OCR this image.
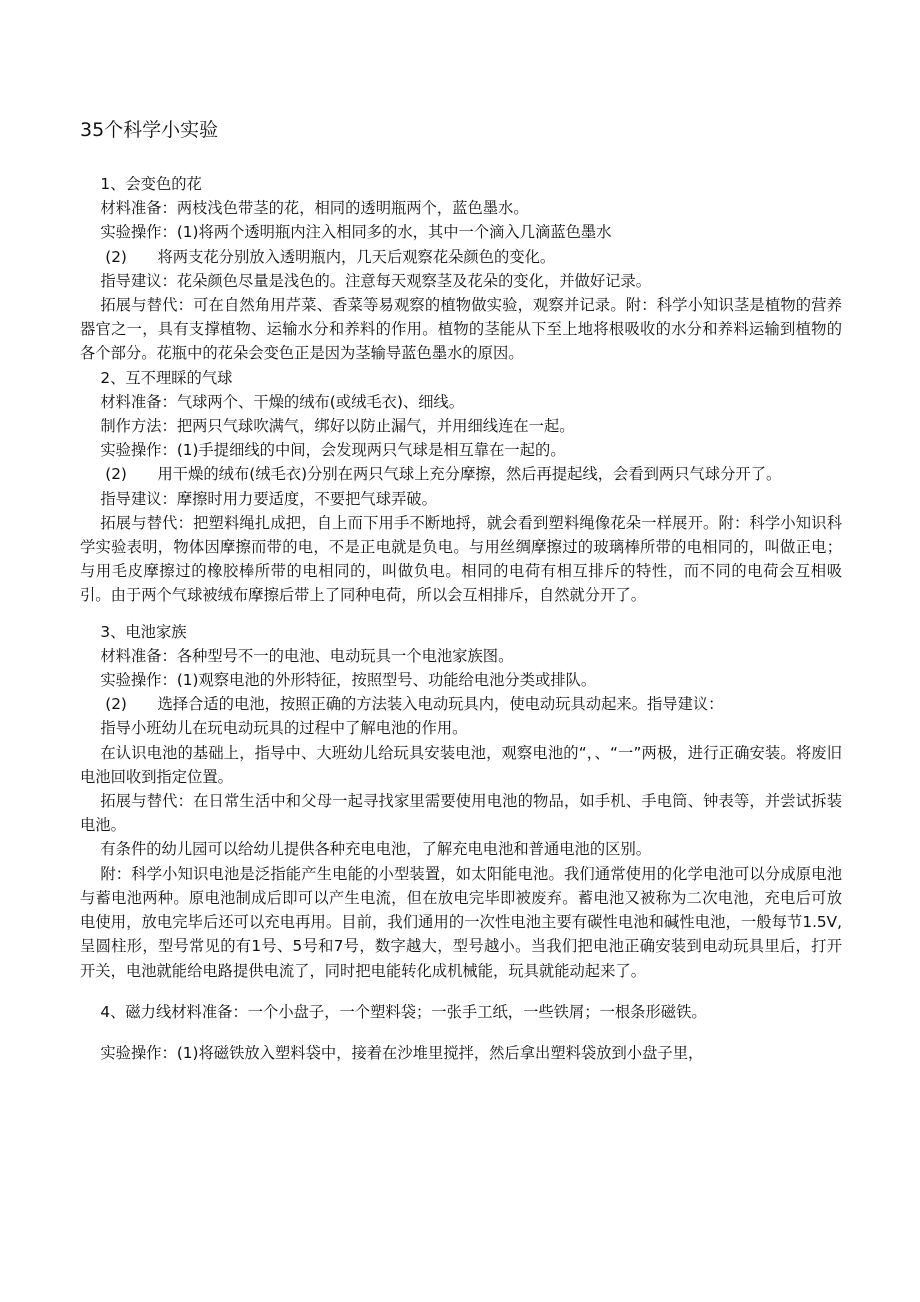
35个科学小实验

1、会变色的花

材料准备：两枝浅色带茎的花，相同的透明瓶两个，蓝色墨水。

实验操作：(1)将两个透明瓶内注入相同多的水，其中一个滴入几滴蓝色墨水

(2)　　将两支花分别放入透明瓶内，几天后观察花朵颜色的变化。

指导建议：花朵颜色尽量是浅色的。注意每天观察茎及花朵的变化，并做好记录。

拓展与替代：可在自然角用芹菜、香菜等易观察的植物做实验，观察并记录。附：科学小知识茎是植物的营养器官之一，具有支撑植物、运输水分和养料的作用。植物的茎能从下至上地将根吸收的水分和养料运输到植物的各个部分。花瓶中的花朵会变色正是因为茎输导蓝色墨水的原因。

2、互不理睬的气球

材料准备：气球两个、干燥的绒布(或绒毛衣)、细线。

制作方法：把两只气球吹满气，绑好以防止漏气，并用细线连在一起。

实验操作：(1)手提细线的中间，会发现两只气球是相互靠在一起的。

(2)　　用干燥的绒布(绒毛衣)分别在两只气球上充分摩擦，然后再提起线，会看到两只气球分开了。

指导建议：摩擦时用力要适度，不要把气球弄破。

拓展与替代：把塑料绳扎成把，自上而下用手不断地捋，就会看到塑料绳像花朵一样展开。附：科学小知识科学实验表明，物体因摩擦而带的电，不是正电就是负电。与用丝绸摩擦过的玻璃棒所带的电相同的，叫做正电；与用毛皮摩擦过的橡胶棒所带的电相同的，叫做负电。相同的电荷有相互排斥的特性，而不同的电荷会互相吸引。由于两个气球被绒布摩擦后带上了同种电荷，所以会互相排斥，自然就分开了。

3、电池家族

材料准备：各种型号不一的电池、电动玩具一个电池家族图。

实验操作：(1)观察电池的外形特征，按照型号、功能给电池分类或排队。

(2)　　选择合适的电池，按照正确的方法装入电动玩具内，使电动玩具动起来。指导建议：

指导小班幼儿在玩电动玩具的过程中了解电池的作用。

在认识电池的基础上，指导中、大班幼儿给玩具安装电池，观察电池的“，、“一”两极，进行正确安装。将废旧电池回收到指定位置。

拓展与替代：在日常生活中和父母一起寻找家里需要使用电池的物品，如手机、手电筒、钟表等，并尝试拆装电池。

有条件的幼儿园可以给幼儿提供各种充电电池，了解充电电池和普通电池的区别。

附：科学小知识电池是泛指能产生电能的小型装置，如太阳能电池。我们通常使用的化学电池可以分成原电池与蓄电池两种。原电池制成后即可以产生电流，但在放电完毕即被废弃。蓄电池又被称为二次电池，充电后可放电使用，放电完毕后还可以充电再用。目前，我们通用的一次性电池主要有碳性电池和碱性电池，一般每节1.5V,呈圆柱形，型号常见的有1号、5号和7号，数字越大，型号越小。当我们把电池正确安装到电动玩具里后，打开开关，电池就能给电路提供电流了，同时把电能转化成机械能，玩具就能动起来了。

4、磁力线材料准备：一个小盘子，一个塑料袋；一张手工纸，一些铁屑；一根条形磁铁。

实验操作：(1)将磁铁放入塑料袋中，接着在沙堆里搅拌，然后拿出塑料袋放到小盘子里，
